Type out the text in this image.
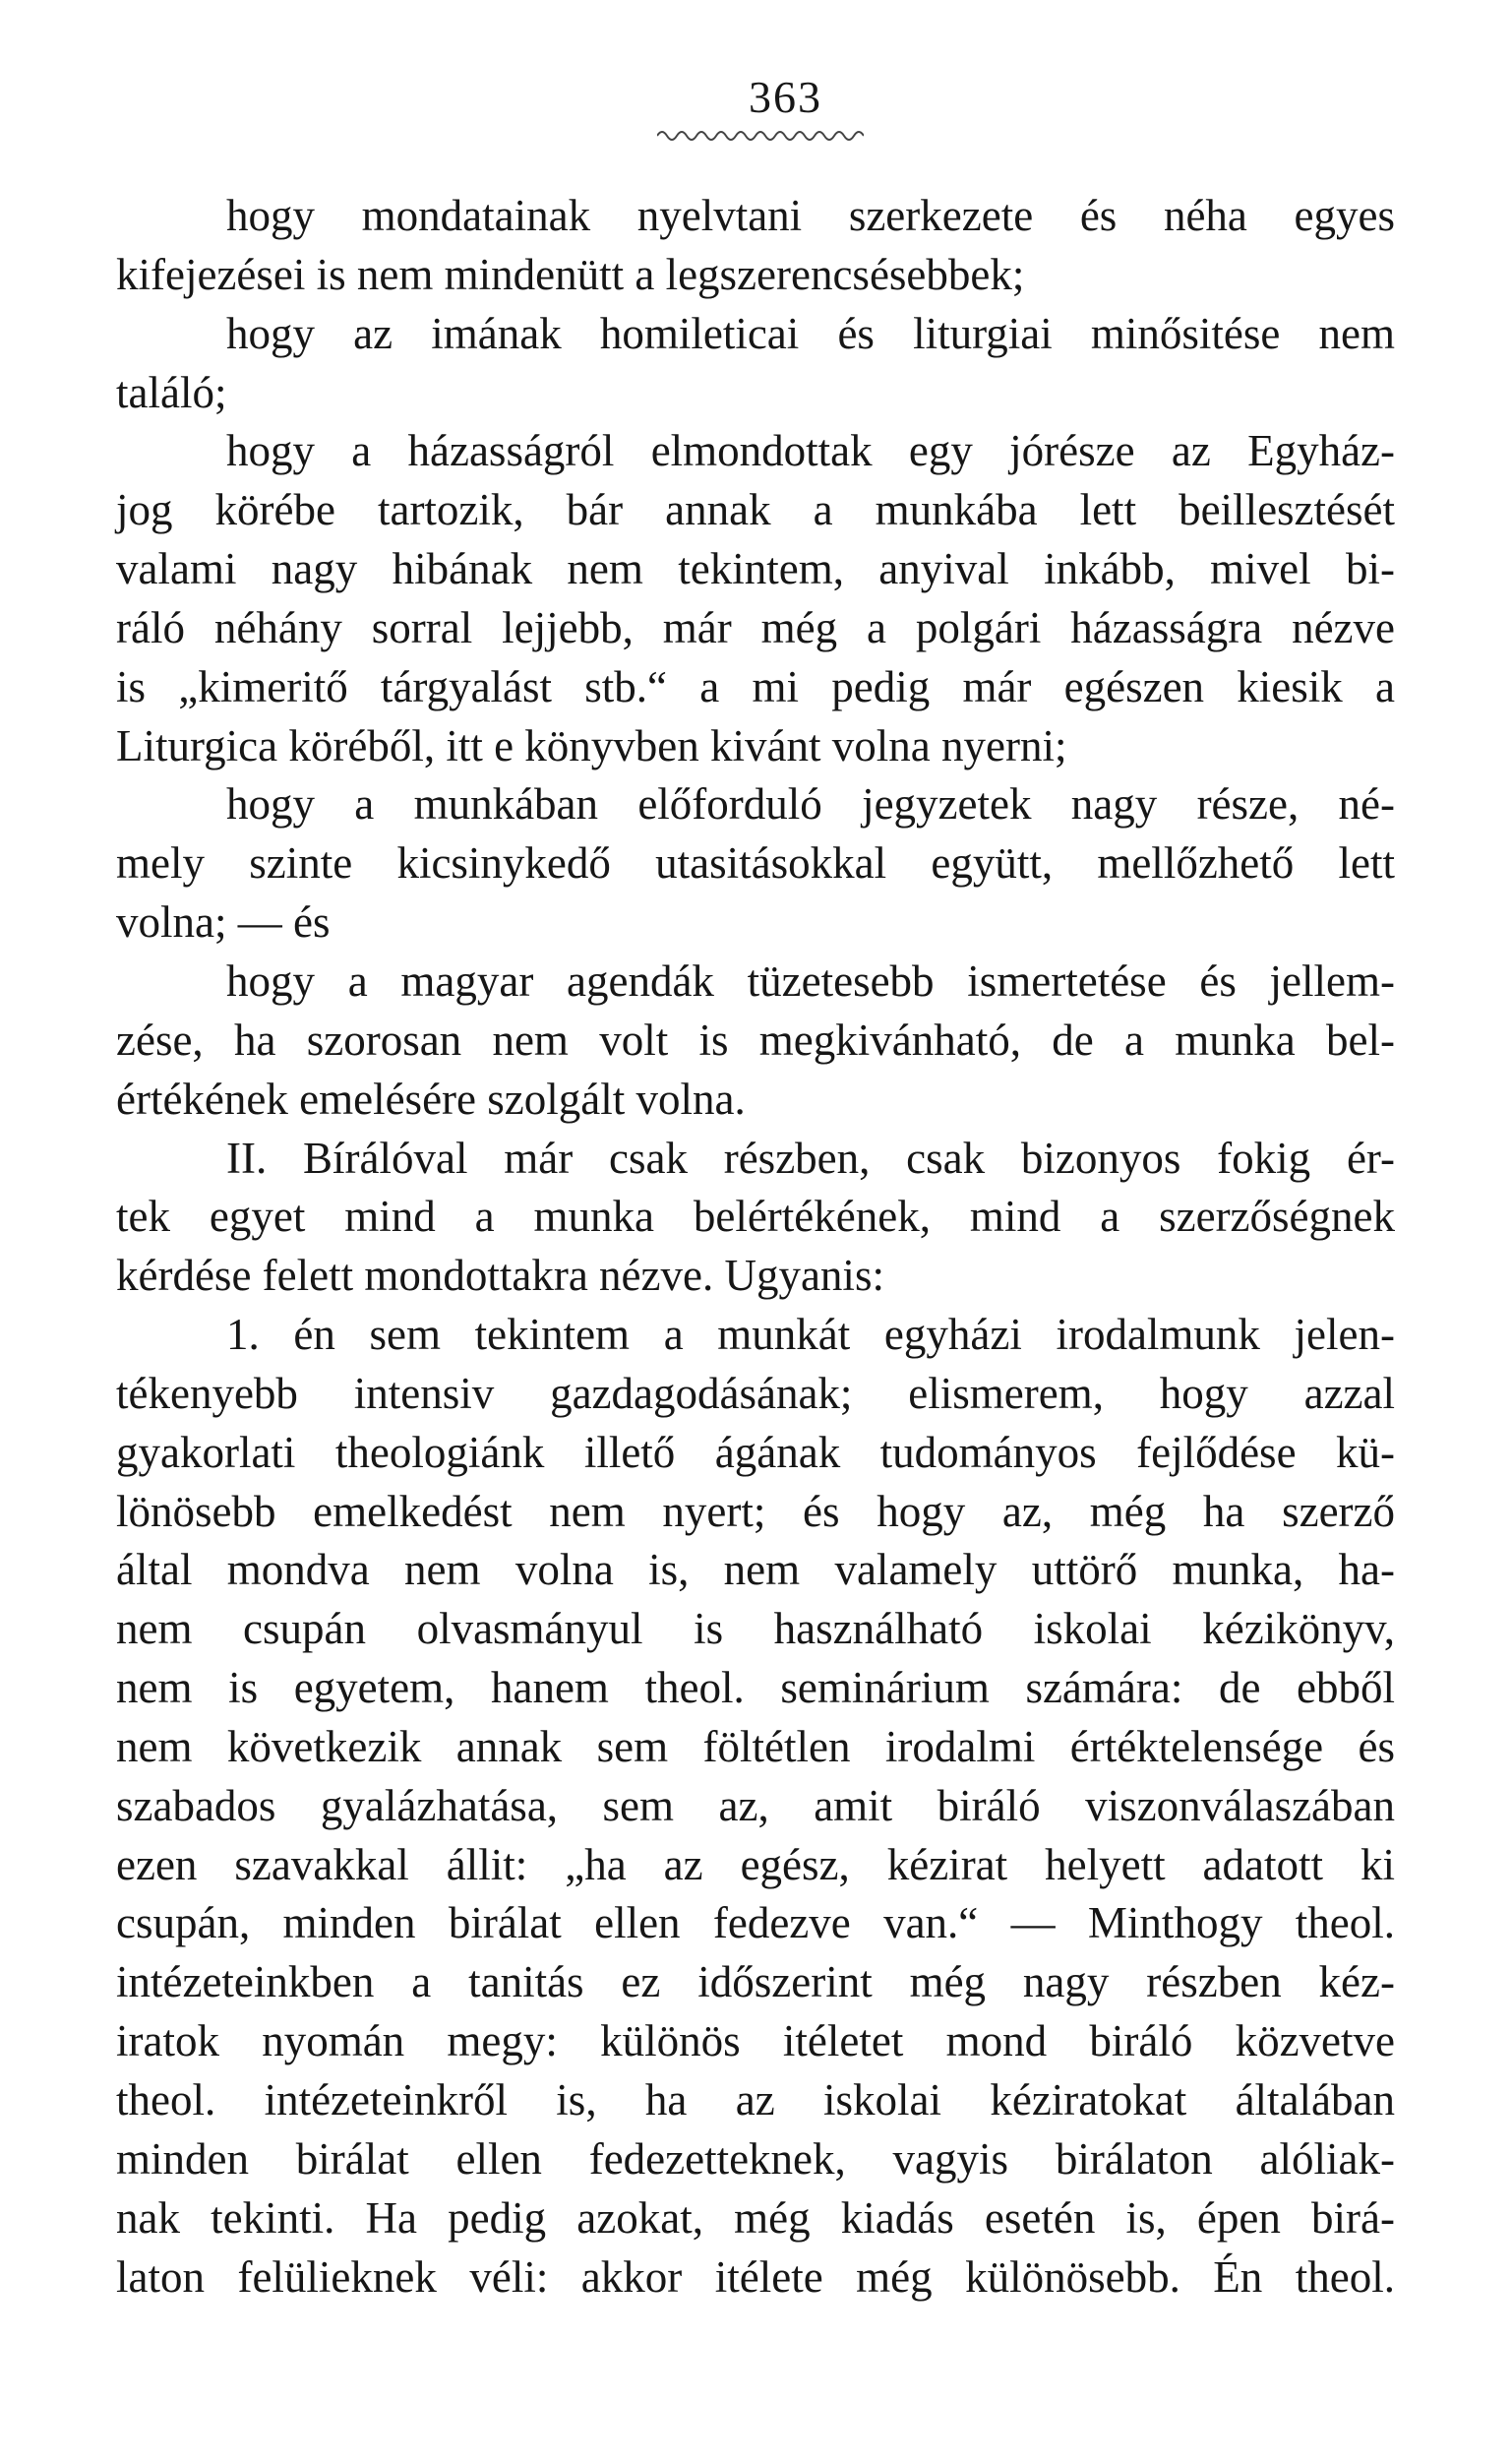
363
hogy mondatainak nyelvtani szerkezete és néha egyes
kifejezései is nem mindenütt a legszerencsésebbek;
hogy az imának homileticai és liturgiai minősitése nem
találó;
hogy a házasságról elmondottak egy jórésze az Egyház-
jog körébe tartozik, bár annak a munkába lett beillesztését
valami nagy hibának nem tekintem, anyival inkább, mivel bi-
ráló néhány sorral lejjebb, már még a polgári házasságra nézve
is „kimeritő tárgyalást stb.“ a mi pedig már egészen kiesik a
Liturgica köréből, itt e könyvben kivánt volna nyerni;
hogy a munkában előforduló jegyzetek nagy része, né-
mely szinte kicsinykedő utasitásokkal együtt, mellőzhető lett
volna; — és
hogy a magyar agendák tüzetesebb ismertetése és jellem-
zése, ha szorosan nem volt is megkivánható, de a munka bel-
értékének emelésére szolgált volna.
II. Bírálóval már csak részben, csak bizonyos fokig ér-
tek egyet mind a munka belértékének, mind a szerzőségnek
kérdése felett mondottakra nézve. Ugyanis:
1. én sem tekintem a munkát egyházi irodalmunk jelen-
tékenyebb intensiv gazdagodásának; elismerem, hogy azzal
gyakorlati theologiánk illető ágának tudományos fejlődése kü-
lönösebb emelkedést nem nyert; és hogy az, még ha szerző
által mondva nem volna is, nem valamely uttörő munka, ha-
nem csupán olvasmányul is használható iskolai kézikönyv,
nem is egyetem, hanem theol. seminárium számára: de ebből
nem következik annak sem föltétlen irodalmi értéktelensége és
szabados gyalázhatása, sem az, amit biráló viszonválaszában
ezen szavakkal állit: „ha az egész, kézirat helyett adatott ki
csupán, minden birálat ellen fedezve van.“ — Minthogy theol.
intézeteinkben a tanitás ez időszerint még nagy részben kéz-
iratok nyomán megy: különös itéletet mond biráló közvetve
theol. intézeteinkről is, ha az iskolai kéziratokat általában
minden birálat ellen fedezetteknek, vagyis birálaton alóliak-
nak tekinti. Ha pedig azokat, még kiadás esetén is, épen birá-
laton felülieknek véli: akkor itélete még különösebb. Én theol.
